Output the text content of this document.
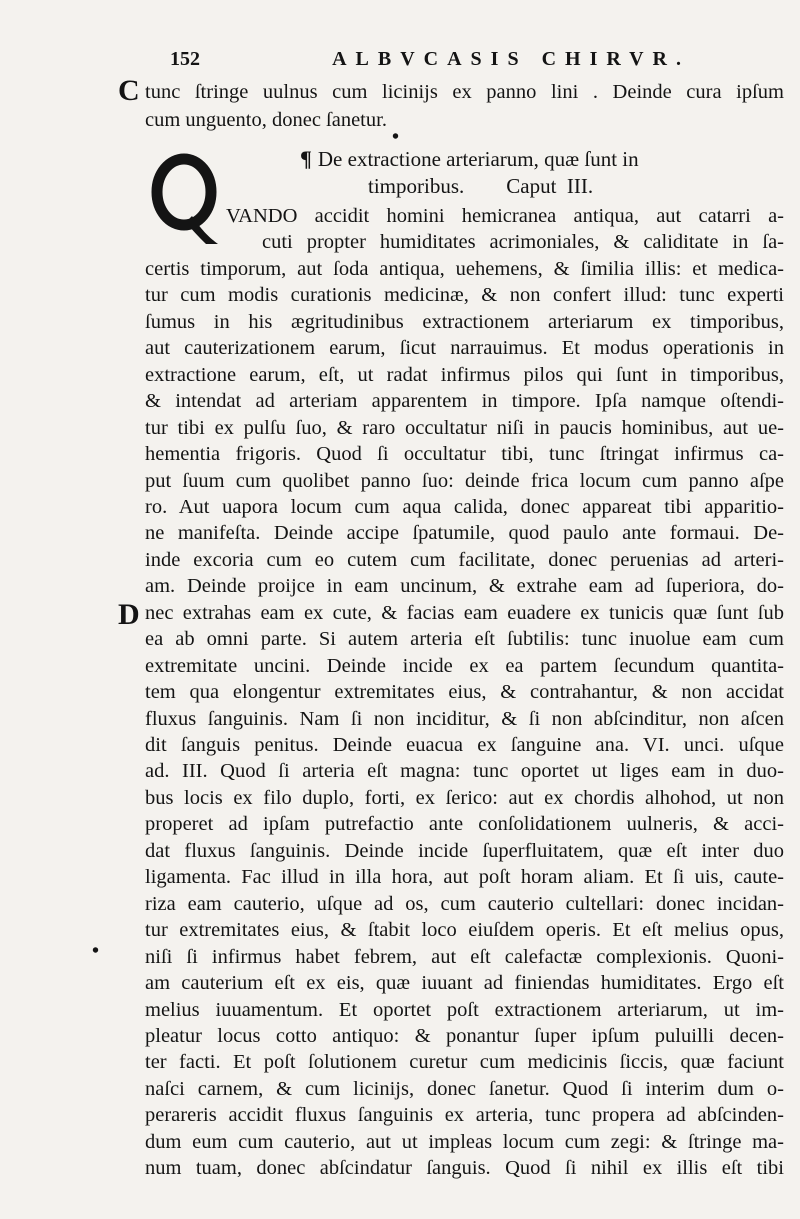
152	ALBVCASIS CHIRVR.
C
D
tunc ſtringe uulnus cum licinijs ex panno lini . Deinde cura ipſum
cum unguento, donec ſanetur.
•
¶ De extractione arteriarum, quæ ſunt in
timporibus.        Caput  III.
VANDO accidit homini hemicranea antiqua, aut catarri a-
cuti propter humiditates acrimoniales, & caliditate in ſa-
certis timporum, aut ſoda antiqua, uehemens, & ſimilia illis: et medica-
tur cum modis curationis medicinæ, & non confert illud: tunc experti
ſumus in his ægritudinibus extractionem arteriarum ex timporibus,
aut cauterizationem earum, ſicut narrauimus. Et modus operationis in
extractione earum, eſt, ut radat infirmus pilos qui ſunt in timporibus,
& intendat ad arteriam apparentem in timpore. Ipſa namque oſtendi-
tur tibi ex pulſu ſuo, & raro occultatur niſi in paucis hominibus, aut ue-
hementia frigoris. Quod ſi occultatur tibi, tunc ſtringat infirmus ca-
put ſuum cum quolibet panno ſuo: deinde frica locum cum panno aſpe
ro. Aut uapora locum cum aqua calida, donec appareat tibi apparitio-
ne manifeſta. Deinde accipe ſpatumile, quod paulo ante formaui. De-
inde excoria cum eo cutem cum facilitate, donec peruenias ad arteri-
am. Deinde proijce in eam uncinum, & extrahe eam ad ſuperiora, do-
nec extrahas eam ex cute, & facias eam euadere ex tunicis quæ ſunt ſub
ea ab omni parte. Si autem arteria eſt ſubtilis: tunc inuolue eam cum
extremitate uncini. Deinde incide ex ea partem ſecundum quantita-
tem qua elongentur extremitates eius, & contrahantur, & non accidat
fluxus ſanguinis. Nam ſi non inciditur, & ſi non abſcinditur, non aſcen
dit ſanguis penitus. Deinde euacua ex ſanguine ana. VI. unci. uſque
ad. III. Quod ſi arteria eſt magna: tunc oportet ut liges eam in duo-
bus locis ex filo duplo, forti, ex ſerico: aut ex chordis alhohod, ut non
properet ad ipſam putrefactio ante conſolidationem uulneris, & acci-
dat fluxus ſanguinis. Deinde incide ſuperfluitatem, quæ eſt inter duo
ligamenta. Fac illud in illa hora, aut poſt horam aliam. Et ſi uis, caute-
riza eam cauterio, uſque ad os, cum cauterio cultellari: donec incidan-
tur extremitates eius, & ſtabit loco eiuſdem operis. Et eſt melius opus,
niſi ſi infirmus habet febrem, aut eſt calefactæ complexionis. Quoni-
am cauterium eſt ex eis, quæ iuuant ad finiendas humiditates. Ergo eſt
melius iuuamentum. Et oportet poſt extractionem arteriarum, ut im-
pleatur locus cotto antiquo: & ponantur ſuper ipſum puluilli decen-
ter facti. Et poſt ſolutionem curetur cum medicinis ſiccis, quæ faciunt
naſci carnem, & cum licinijs, donec ſanetur. Quod ſi interim dum o-
perareris accidit fluxus ſanguinis ex arteria, tunc propera ad abſcinden-
dum eum cum cauterio, aut ut impleas locum cum zegi: & ſtringe ma-
num tuam, donec abſcindatur ſanguis. Quod ſi nihil ex illis eſt tibi
•
